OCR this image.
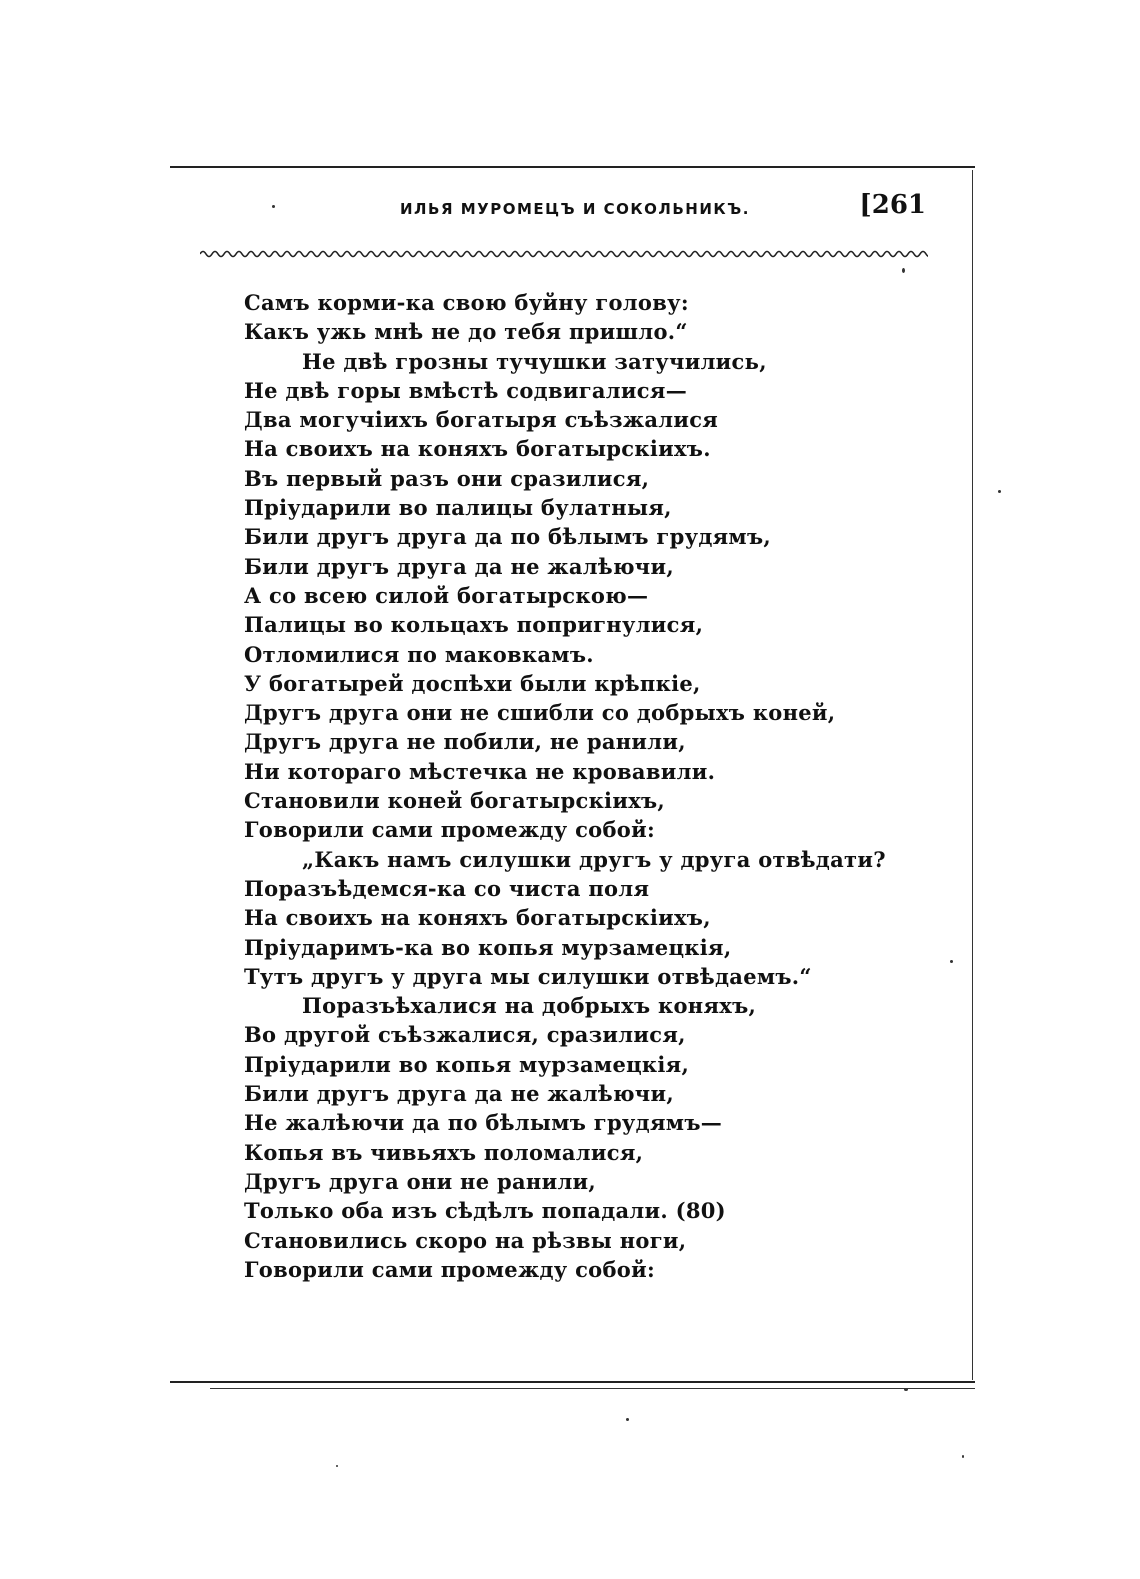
ИЛЬЯ МУРОМЕЦЪ И СОКОЛЬНИКЪ.	[261
Самъ корми-ка свою буйну голову:
Какъ ужь мнѣ не до тебя пришло.“
Не двѣ грозны тучушки затучились,
Не двѣ горы вмѣстѣ содвигалися—
Два могучіихъ богатыря съѣзжалися
На своихъ на коняхъ богатырскіихъ.
Въ первый разъ они сразилися,
Пріударили во палицы булатныя,
Били другъ друга да по бѣлымъ грудямъ,
Били другъ друга да не жалѣючи,
А со всею силой богатырскою—
Палицы во кольцахъ попригнулися,
Отломилися по маковкамъ.
У богатырей доспѣхи были крѣпкіе,
Другъ друга они не сшибли со добрыхъ коней,
Другъ друга не побили, не ранили,
Ни котораго мѣстечка не кровавили.
Становили коней богатырскіихъ,
Говорили сами промежду собой:
„Какъ намъ силушки другъ у друга отвѣдати?
Поразъѣдемся-ка со чиста поля
На своихъ на коняхъ богатырскіихъ,
Пріударимъ-ка во копья мурзамецкія,
Тутъ другъ у друга мы силушки отвѣдаемъ.“
Поразъѣхалися на добрыхъ коняхъ,
Во другой съѣзжалися, сразилися,
Пріударили во копья мурзамецкія,
Били другъ друга да не жалѣючи,
Не жалѣючи да по бѣлымъ грудямъ—
Копья въ чивьяхъ поломалися,
Другъ друга они не ранили,
Только оба изъ сѣдѣлъ попадали. (80)
Становились скоро на рѣзвы ноги,
Говорили сами промежду собой:
